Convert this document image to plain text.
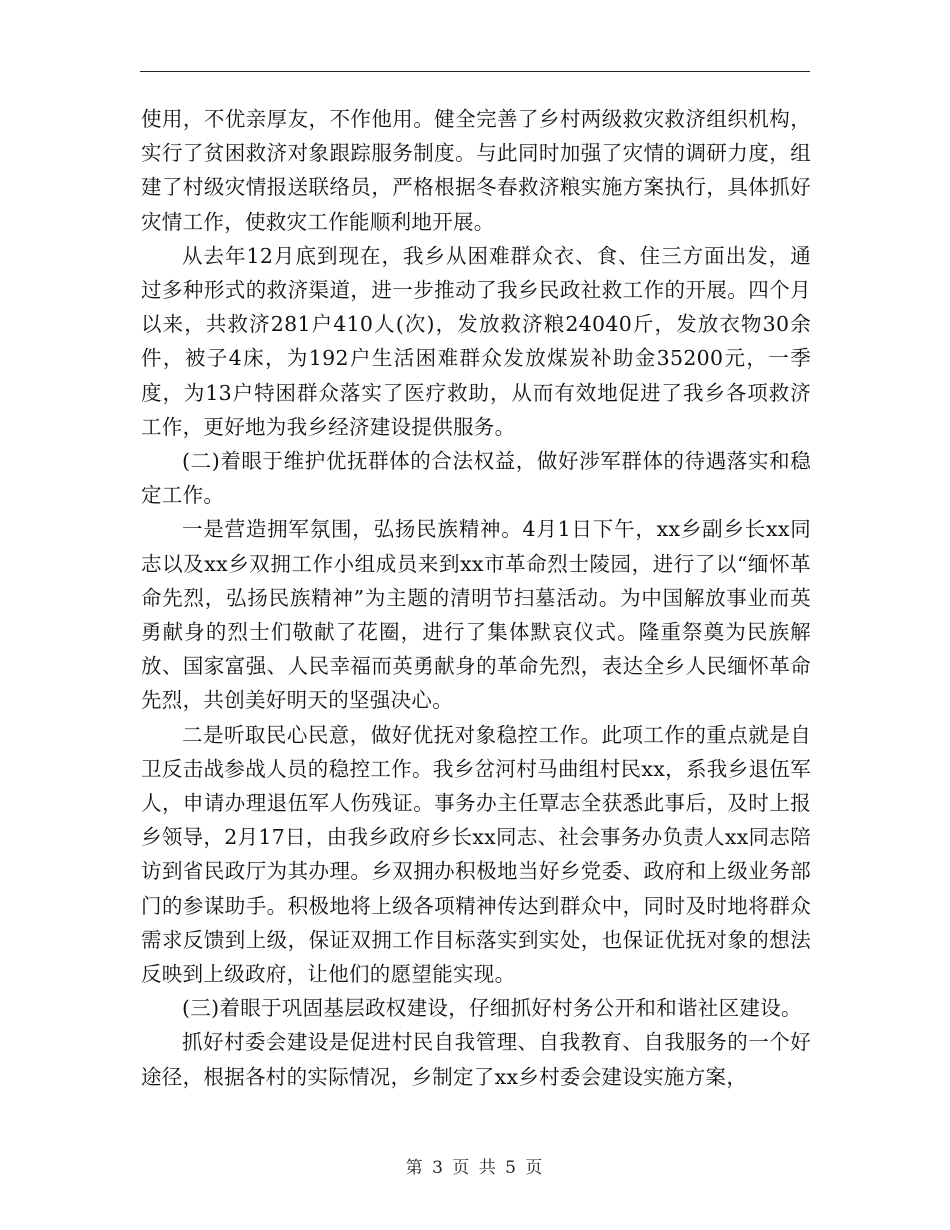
使用，不优亲厚友，不作他用。健全完善了乡村两级救灾救济组织机构，实行了贫困救济对象跟踪服务制度。与此同时加强了灾情的调研力度，组建了村级灾情报送联络员，严格根据冬春救济粮实施方案执行，具体抓好灾情工作，使救灾工作能顺利地开展。

从去年12月底到现在，我乡从困难群众衣、食、住三方面出发，通过多种形式的救济渠道，进一步推动了我乡民政社救工作的开展。四个月以来，共救济281户410人(次)，发放救济粮24040斤，发放衣物30余件，被子4床，为192户生活困难群众发放煤炭补助金35200元，一季度，为13户特困群众落实了医疗救助，从而有效地促进了我乡各项救济工作，更好地为我乡经济建设提供服务。

(二)着眼于维护优抚群体的合法权益，做好涉军群体的待遇落实和稳定工作。

一是营造拥军氛围，弘扬民族精神。4月1日下午，xx乡副乡长xx同志以及xx乡双拥工作小组成员来到xx市革命烈士陵园，进行了以“缅怀革命先烈，弘扬民族精神”为主题的清明节扫墓活动。为中国解放事业而英勇献身的烈士们敬献了花圈，进行了集体默哀仪式。隆重祭奠为民族解放、国家富强、人民幸福而英勇献身的革命先烈，表达全乡人民缅怀革命先烈，共创美好明天的坚强决心。

二是听取民心民意，做好优抚对象稳控工作。此项工作的重点就是自卫反击战参战人员的稳控工作。我乡岔河村马曲组村民xx，系我乡退伍军人，申请办理退伍军人伤残证。事务办主任覃志全获悉此事后，及时上报乡领导，2月17日，由我乡政府乡长xx同志、社会事务办负责人xx同志陪访到省民政厅为其办理。乡双拥办积极地当好乡党委、政府和上级业务部门的参谋助手。积极地将上级各项精神传达到群众中，同时及时地将群众需求反馈到上级，保证双拥工作目标落实到实处，也保证优抚对象的想法反映到上级政府，让他们的愿望能实现。

(三)着眼于巩固基层政权建设，仔细抓好村务公开和和谐社区建设。

抓好村委会建设是促进村民自我管理、自我教育、自我服务的一个好途径，根据各村的实际情况，乡制定了xx乡村委会建设实施方案，

第 3 页 共 5 页
